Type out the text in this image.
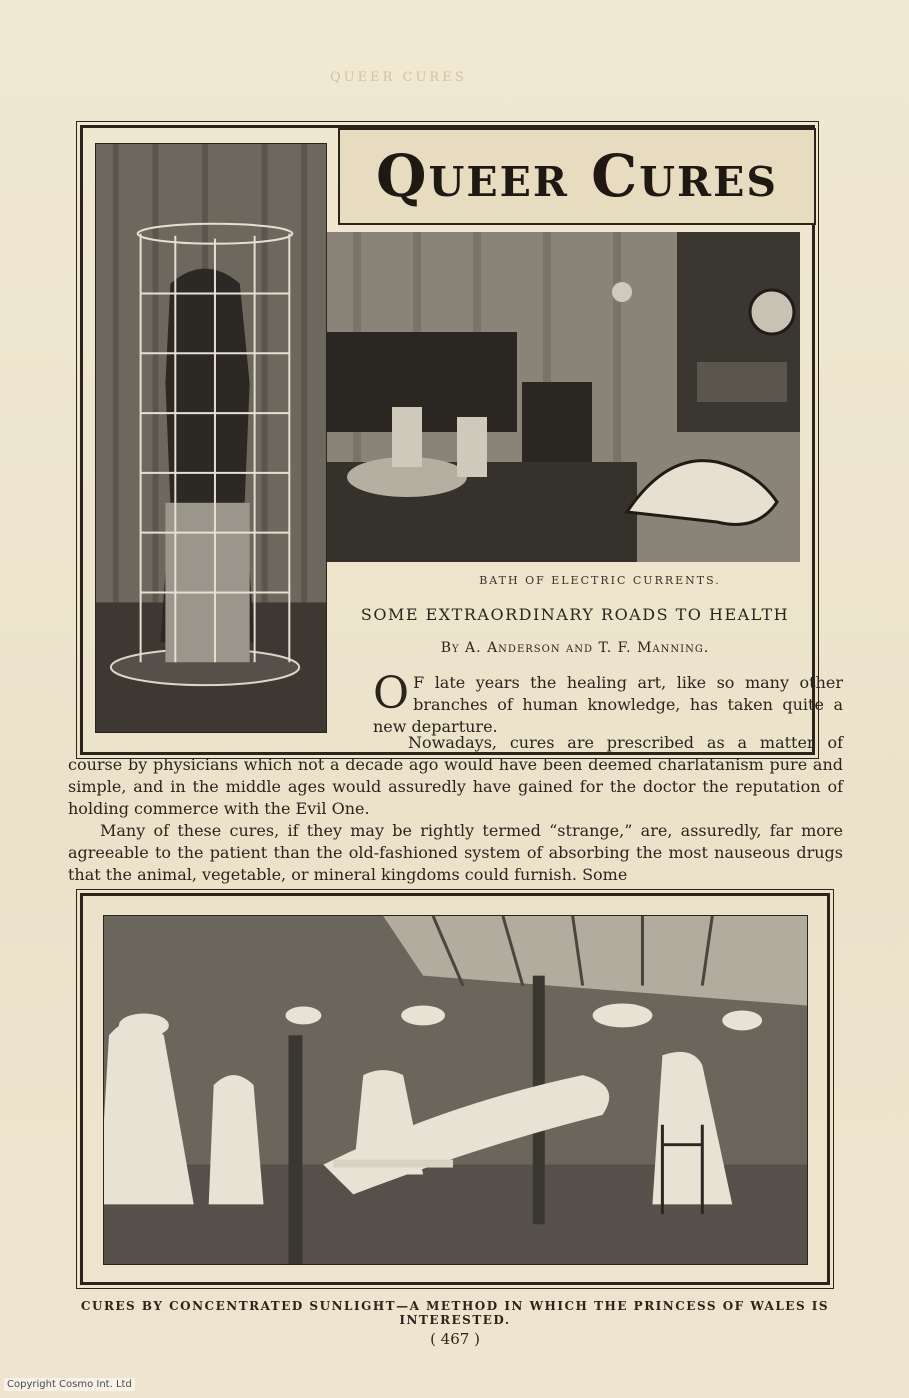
QUEER CURES
Queer Cures
BATH OF ELECTRIC CURRENTS.
SOME EXTRAORDINARY ROADS TO HEALTH
By A. Anderson and T. F. Manning.
O F late years the healing art, like so many other branches of human knowledge, has taken quite a new departure.
Nowadays, cures are prescribed as a matter of course by physicians which not a decade ago would have been deemed charlatanism pure and simple, and in the middle ages would assuredly have gained for the doctor the reputation of holding commerce with the Evil One.
Many of these cures, if they may be rightly termed “strange,” are, assuredly, far more agreeable to the patient than the old-fashioned system of absorbing the most nauseous drugs that the animal, vegetable, or mineral kingdoms could furnish. Some
CURES BY CONCENTRATED SUNLIGHT—A METHOD IN WHICH THE PRINCESS OF WALES IS INTERESTED.
( 467 )
Copyright Cosmo Int. Ltd
